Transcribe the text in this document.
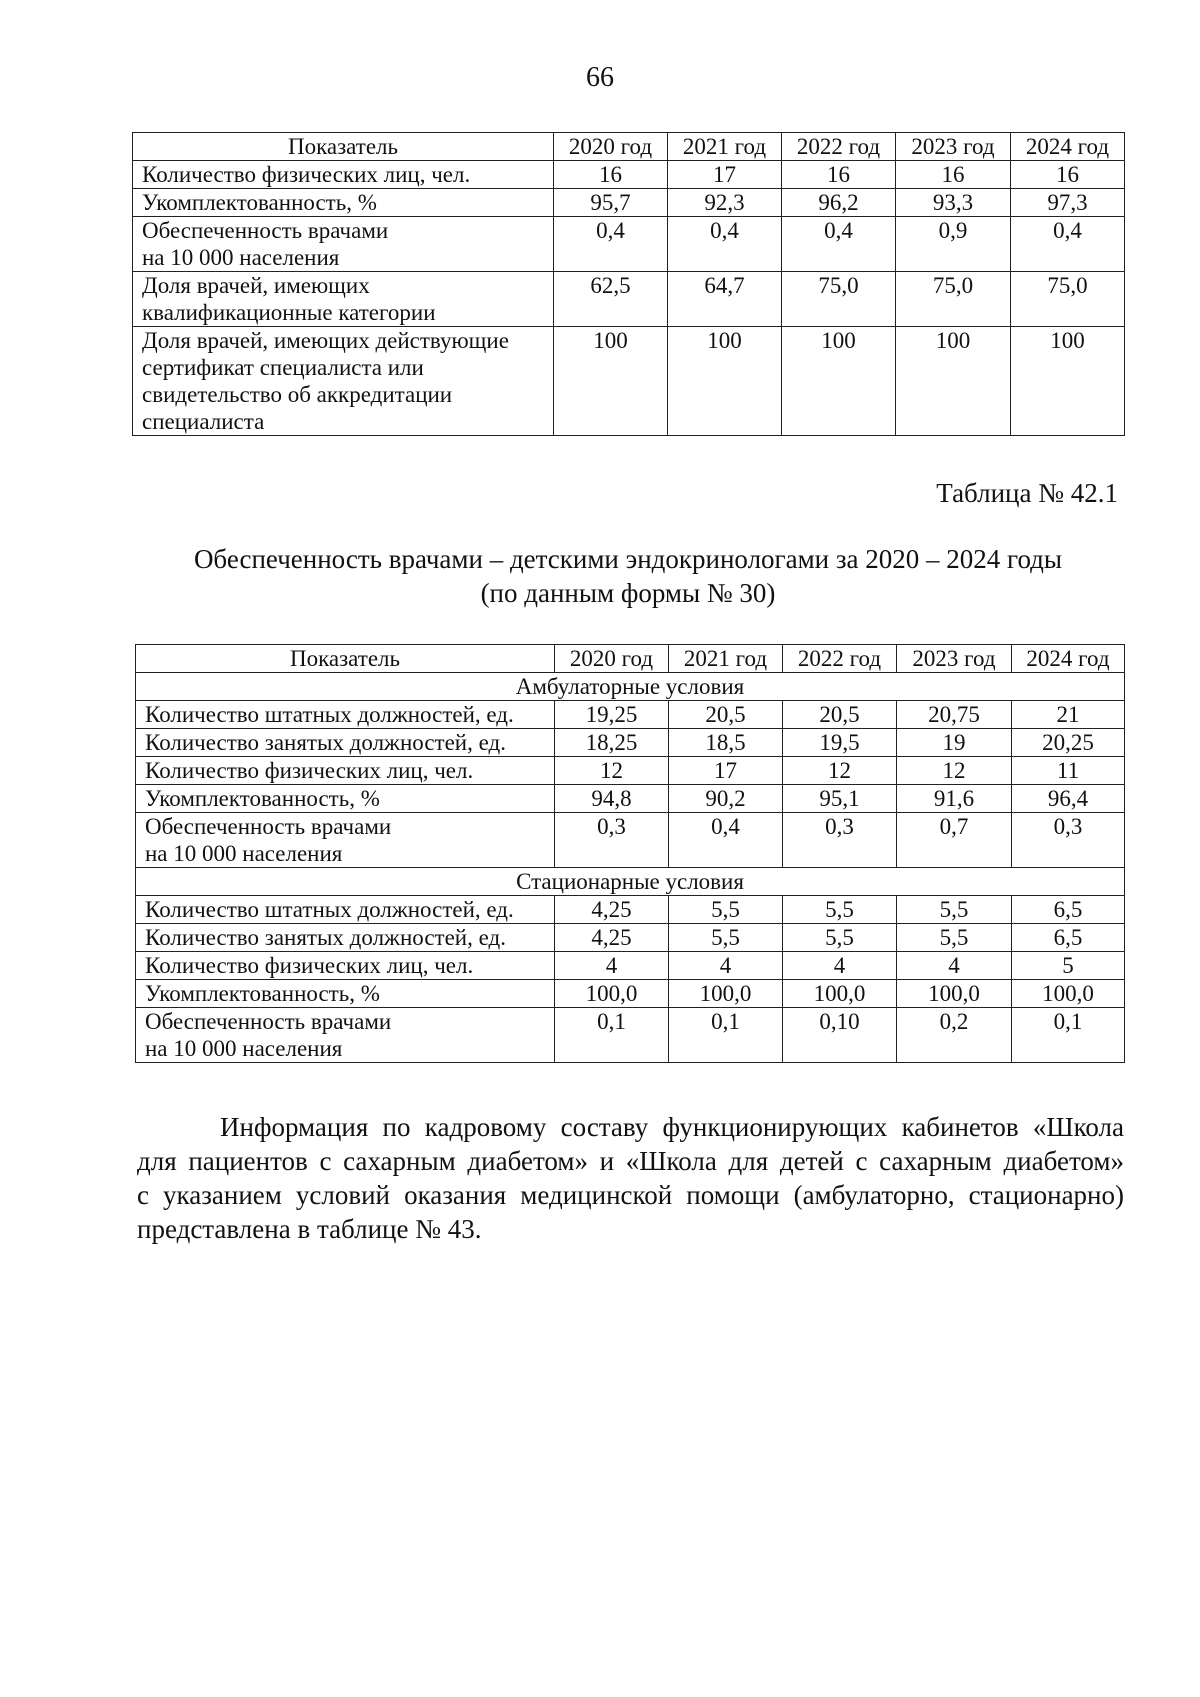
66
Показатель	2020 год	2021 год	2022 год	2023 год	2024 год

Количество физических лиц, чел.	16	17	16	16	16

Укомплектованность, %	95,7	92,3	96,2	93,3	97,3

Обеспеченность врачами
на 10 000 населения	0,4	0,4	0,4	0,9	0,4

Доля врачей, имеющих
квалификационные категории	62,5	64,7	75,0	75,0	75,0

Доля врачей, имеющих действующие
сертификат специалиста или
свидетельство об аккредитации
специалиста	100	100	100	100	100
Таблица № 42.1
Обеспеченность врачами – детскими эндокринологами за 2020 – 2024 годы
(по данным формы № 30)
Показатель	2020 год	2021 год	2022 год	2023 год	2024 год
Амбулаторные условия					

Количество штатных должностей, ед.	19,25	20,5	20,5	20,75	21

Количество занятых должностей, ед.	18,25	18,5	19,5	19	20,25

Количество физических лиц, чел.	12	17	12	12	11

Укомплектованность, %	94,8	90,2	95,1	91,6	96,4

Обеспеченность врачами
на 10 000 населения	0,3	0,4	0,3	0,7	0,3
Стационарные условия					

Количество штатных должностей, ед.	4,25	5,5	5,5	5,5	6,5

Количество занятых должностей, ед.	4,25	5,5	5,5	5,5	6,5

Количество физических лиц, чел.	4	4	4	4	5

Укомплектованность, %	100,0	100,0	100,0	100,0	100,0

Обеспеченность врачами
на 10 000 населения	0,1	0,1	0,10	0,2	0,1
Информация по кадровому составу функционирующих кабинетов «Школа
для пациентов с сахарным диабетом» и «Школа для детей с сахарным диабетом»
с указанием условий оказания медицинской помощи (амбулаторно, стационарно)
представлена в таблице № 43.
